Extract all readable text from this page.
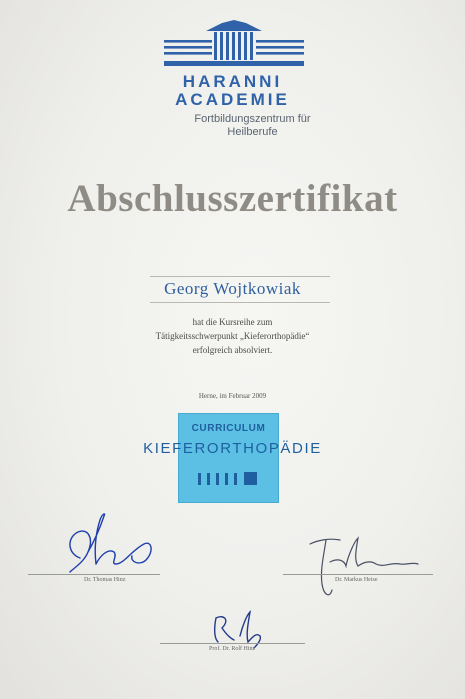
HARANNI
ACADEMIE
Fortbildungszentrum für
Heilberufe
Abschlusszertifikat
Georg Wojtkowiak
hat die Kursreihe zum
Tätigkeitsschwerpunkt „Kieferorthopädie“
erfolgreich absolviert.
Herne, im Februar 2009
CURRICULUM
KIEFERORTHOPÄDIE
Dr. Thomas Hinz	Dr. Markus Heise
Prof. Dr. Rolf Hinz
